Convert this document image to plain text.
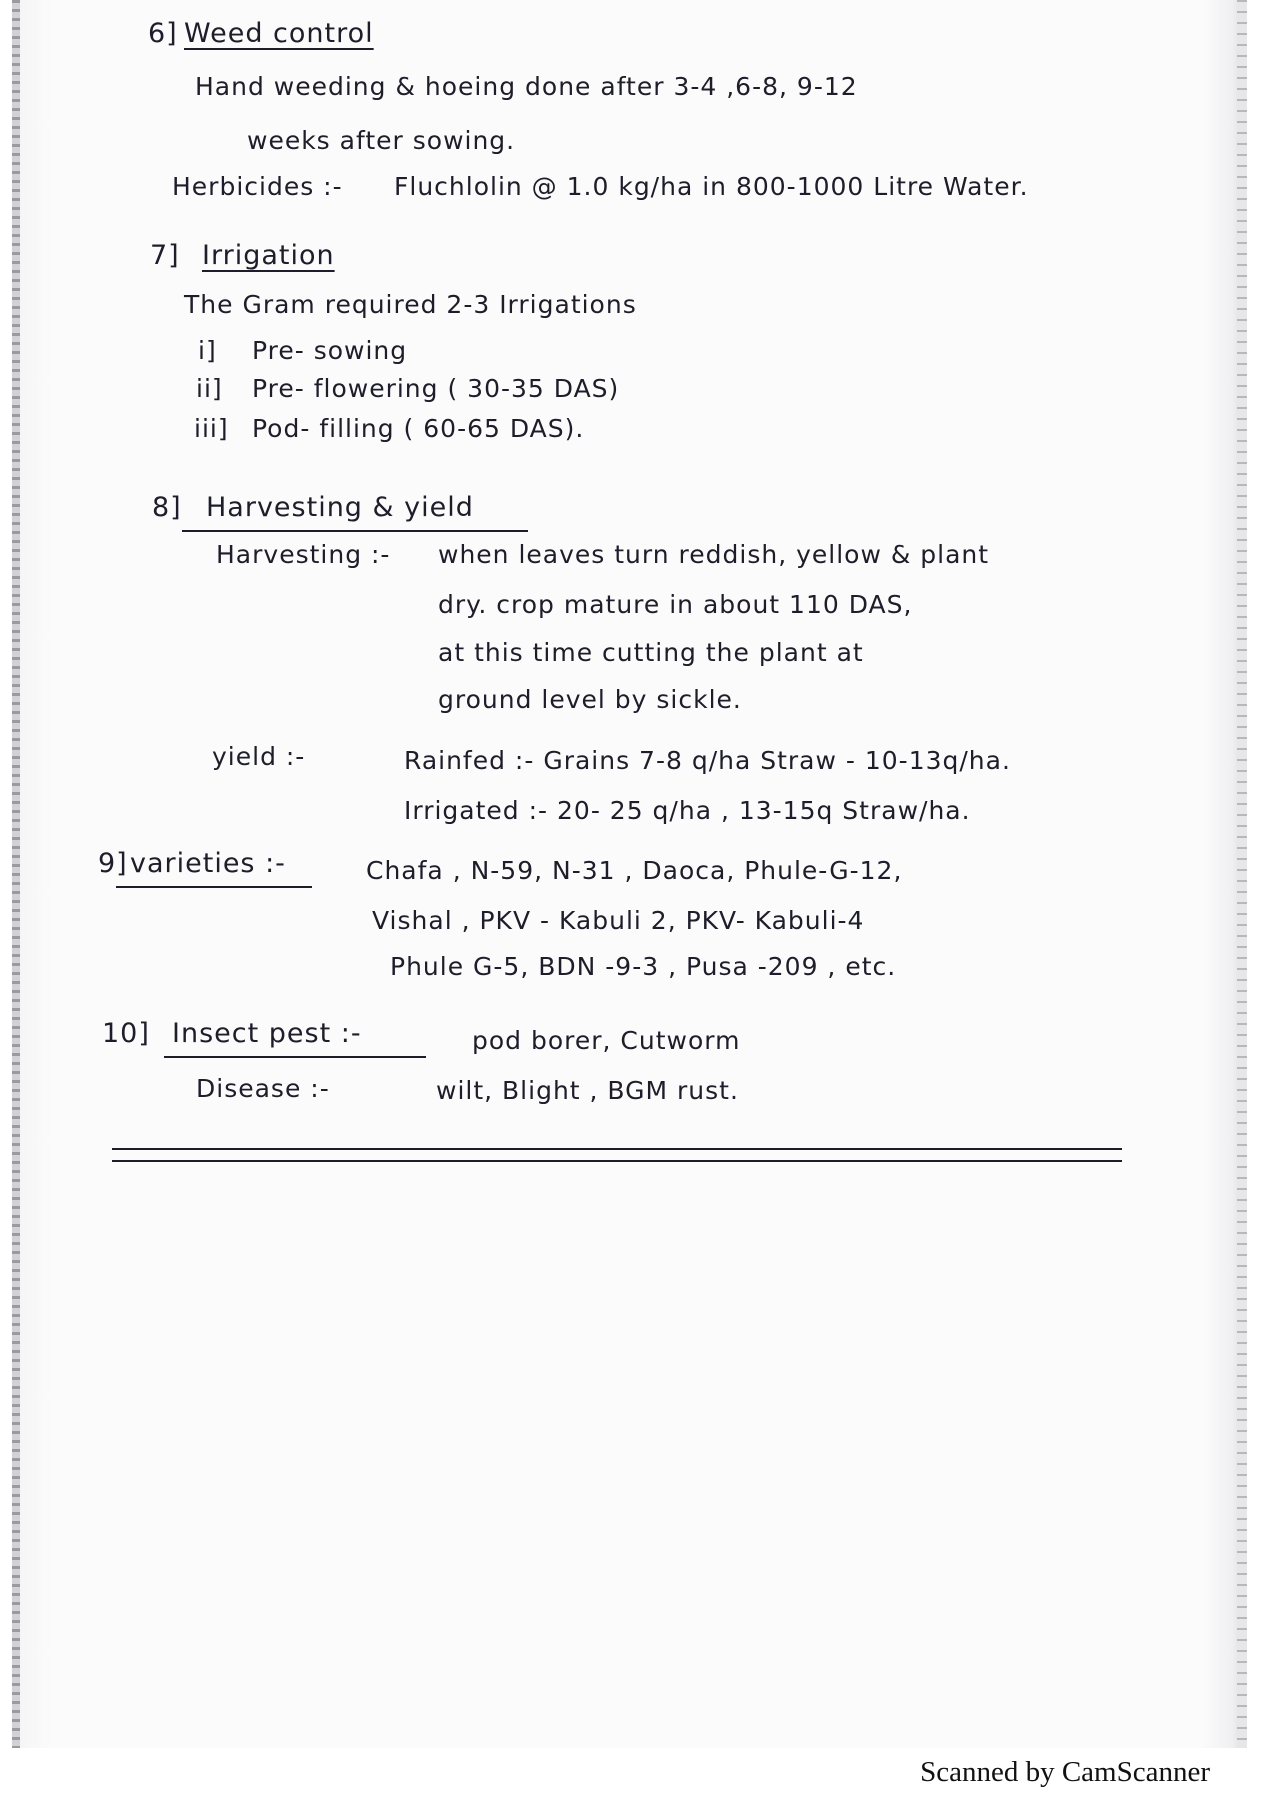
6] Weed control
Hand weeding & hoeing done after 3-4 ,6-8, 9-12
weeks after sowing.
Herbicides :- Fluchlolin @ 1.0 kg/ha in 800-1000 Litre Water.
7] Irrigation
The Gram required 2-3 Irrigations
i] Pre- sowing
ii] Pre- flowering ( 30-35 DAS)
iii] Pod- filling ( 60-65 DAS).
8] Harvesting & yield
Harvesting :- when leaves turn reddish, yellow & plant
dry. crop mature in about 110 DAS,
at this time cutting the plant at
ground level by sickle.
yield :-	Rainfed :- Grains 7-8 q/ha Straw - 10-13q/ha.
Irrigated :- 20- 25 q/ha , 13-15q Straw/ha.
9] varieties :-	Chafa , N-59, N-31 , Daoca, Phule-G-12,
Vishal , PKV - Kabuli 2, PKV- Kabuli-4
Phule G-5, BDN -9-3 , Pusa -209 , etc.
10] Insect pest :-	pod borer, Cutworm
Disease :-	wilt, Blight , BGM rust.
Scanned by CamScanner
